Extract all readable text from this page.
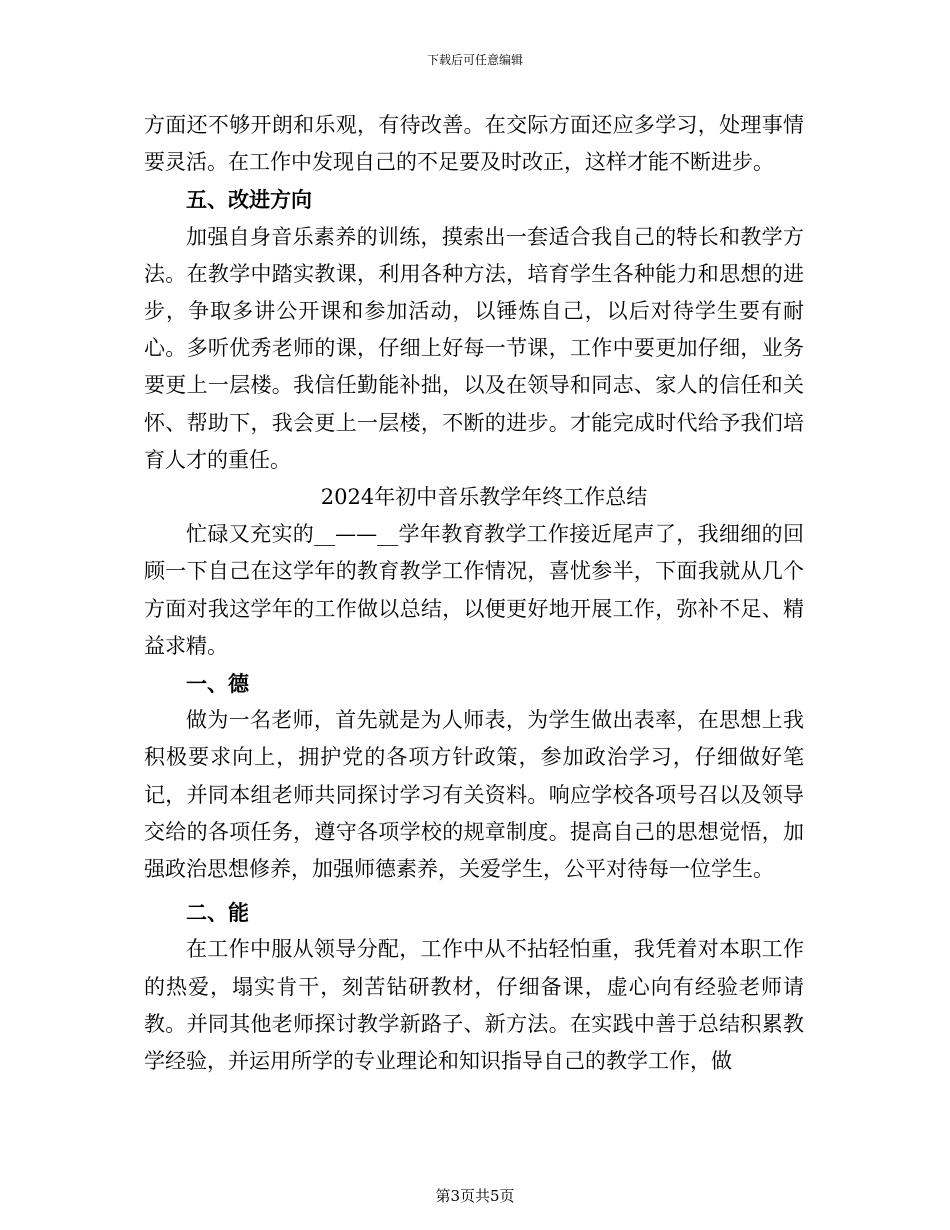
下载后可任意编辑

方面还不够开朗和乐观，有待改善。在交际方面还应多学习，处理事情要灵活。在工作中发现自己的不足要及时改正，这样才能不断进步。

五、改进方向

加强自身音乐素养的训练，摸索出一套适合我自己的特长和教学方法。在教学中踏实教课，利用各种方法，培育学生各种能力和思想的进步，争取多讲公开课和参加活动，以锤炼自己，以后对待学生要有耐心。多听优秀老师的课，仔细上好每一节课，工作中要更加仔细，业务要更上一层楼。我信任勤能补拙，以及在领导和同志、家人的信任和关怀、帮助下，我会更上一层楼，不断的进步。才能完成时代给予我们培育人才的重任。

2024年初中音乐教学年终工作总结

忙碌又充实的__——__学年教育教学工作接近尾声了，我细细的回顾一下自己在这学年的教育教学工作情况，喜忧参半，下面我就从几个方面对我这学年的工作做以总结，以便更好地开展工作，弥补不足、精益求精。

一、德

做为一名老师，首先就是为人师表，为学生做出表率，在思想上我积极要求向上，拥护党的各项方针政策，参加政治学习，仔细做好笔记，并同本组老师共同探讨学习有关资料。响应学校各项号召以及领导交给的各项任务，遵守各项学校的规章制度。提高自己的思想觉悟，加强政治思想修养，加强师德素养，关爱学生，公平对待每一位学生。

二、能

在工作中服从领导分配，工作中从不拈轻怕重，我凭着对本职工作的热爱，塌实肯干，刻苦钻研教材，仔细备课，虚心向有经验老师请教。并同其他老师探讨教学新路子、新方法。在实践中善于总结积累教学经验，并运用所学的专业理论和知识指导自己的教学工作，做

第3页共5页
